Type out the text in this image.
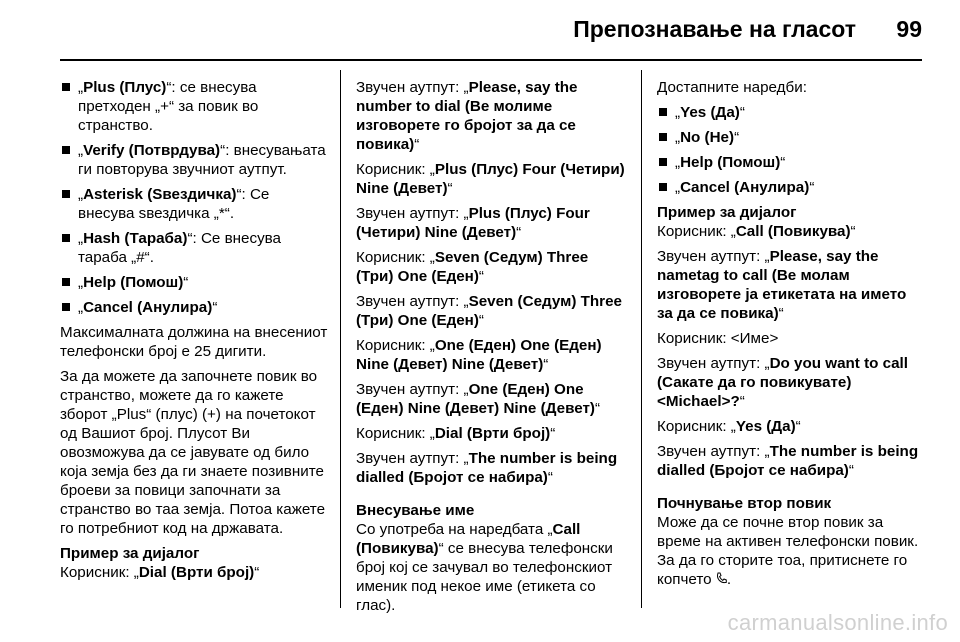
Препознавање на гласот 99
„Plus (Плус)“: се внесува претходен „+“ за повик во странство.
„Verify (Потврдува)“: внесувањата ги повторува звучниот аутпут.
„Asterisk (Ѕвездичка)“: Се внесува ѕвездичка „*“.
„Hash (Тараба)“: Се внесува тараба „#“.
„Help (Помош)“
„Cancel (Анулира)“

Максималната должина на внесениот телефонски број е 25 дигити.

За да можете да започнете повик во странство, можете да го кажете зборот „Plus“ (плус) (+) на почетокот од Вашиот број. Плусот Ви овозможува да се јавувате од било која земја без да ги знаете позивните броеви за повици започнати за странство во таа земја. Потоа кажете го потребниот код на државата.

Пример за дијалог

Корисник: „Dial (Врти број)“

Звучен аутпут: „Please, say the number to dial (Ве молиме изговорете го бројот за да се повика)“

Корисник: „Plus (Плус) Four (Четири) Nine (Девет)“

Звучен аутпут: „Plus (Плус) Four (Четири) Nine (Девет)“

Корисник: „Seven (Седум) Three (Три) One (Еден)“

Звучен аутпут: „Seven (Седум) Three (Три) One (Еден)“

Корисник: „One (Еден) One (Еден) Nine (Девет) Nine (Девет)“

Звучен аутпут: „One (Еден) One (Еден) Nine (Девет) Nine (Девет)“

Корисник: „Dial (Врти број)“

Звучен аутпут: „The number is being dialled (Бројот се набира)“

Внесување име

Со употреба на наредбата „Call (Повикува)“ се внесува телефонски број кој се зачувал во телефонскиот именик под некое име (етикета со глас).

Достапните наредби:

„Yes (Да)“
„No (Не)“
„Help (Помош)“
„Cancel (Анулира)“
Пример за дијалог

Корисник: „Call (Повикува)“

Звучен аутпут: „Please, say the nametag to call (Ве молам изговорете ја етикетата на името за да се повика)“

Корисник: <Име>

Звучен аутпут: „Do you want to call (Сакате да го повикувате) <Michael>?“

Корисник: „Yes (Да)“

Звучен аутпут: „The number is being dialled (Бројот се набира)“

Почнување втор повик

Може да се почне втор повик за време на активен телефонски повик. За да го сторите тоа, притиснете го копчето .

carmanualsonline.info
